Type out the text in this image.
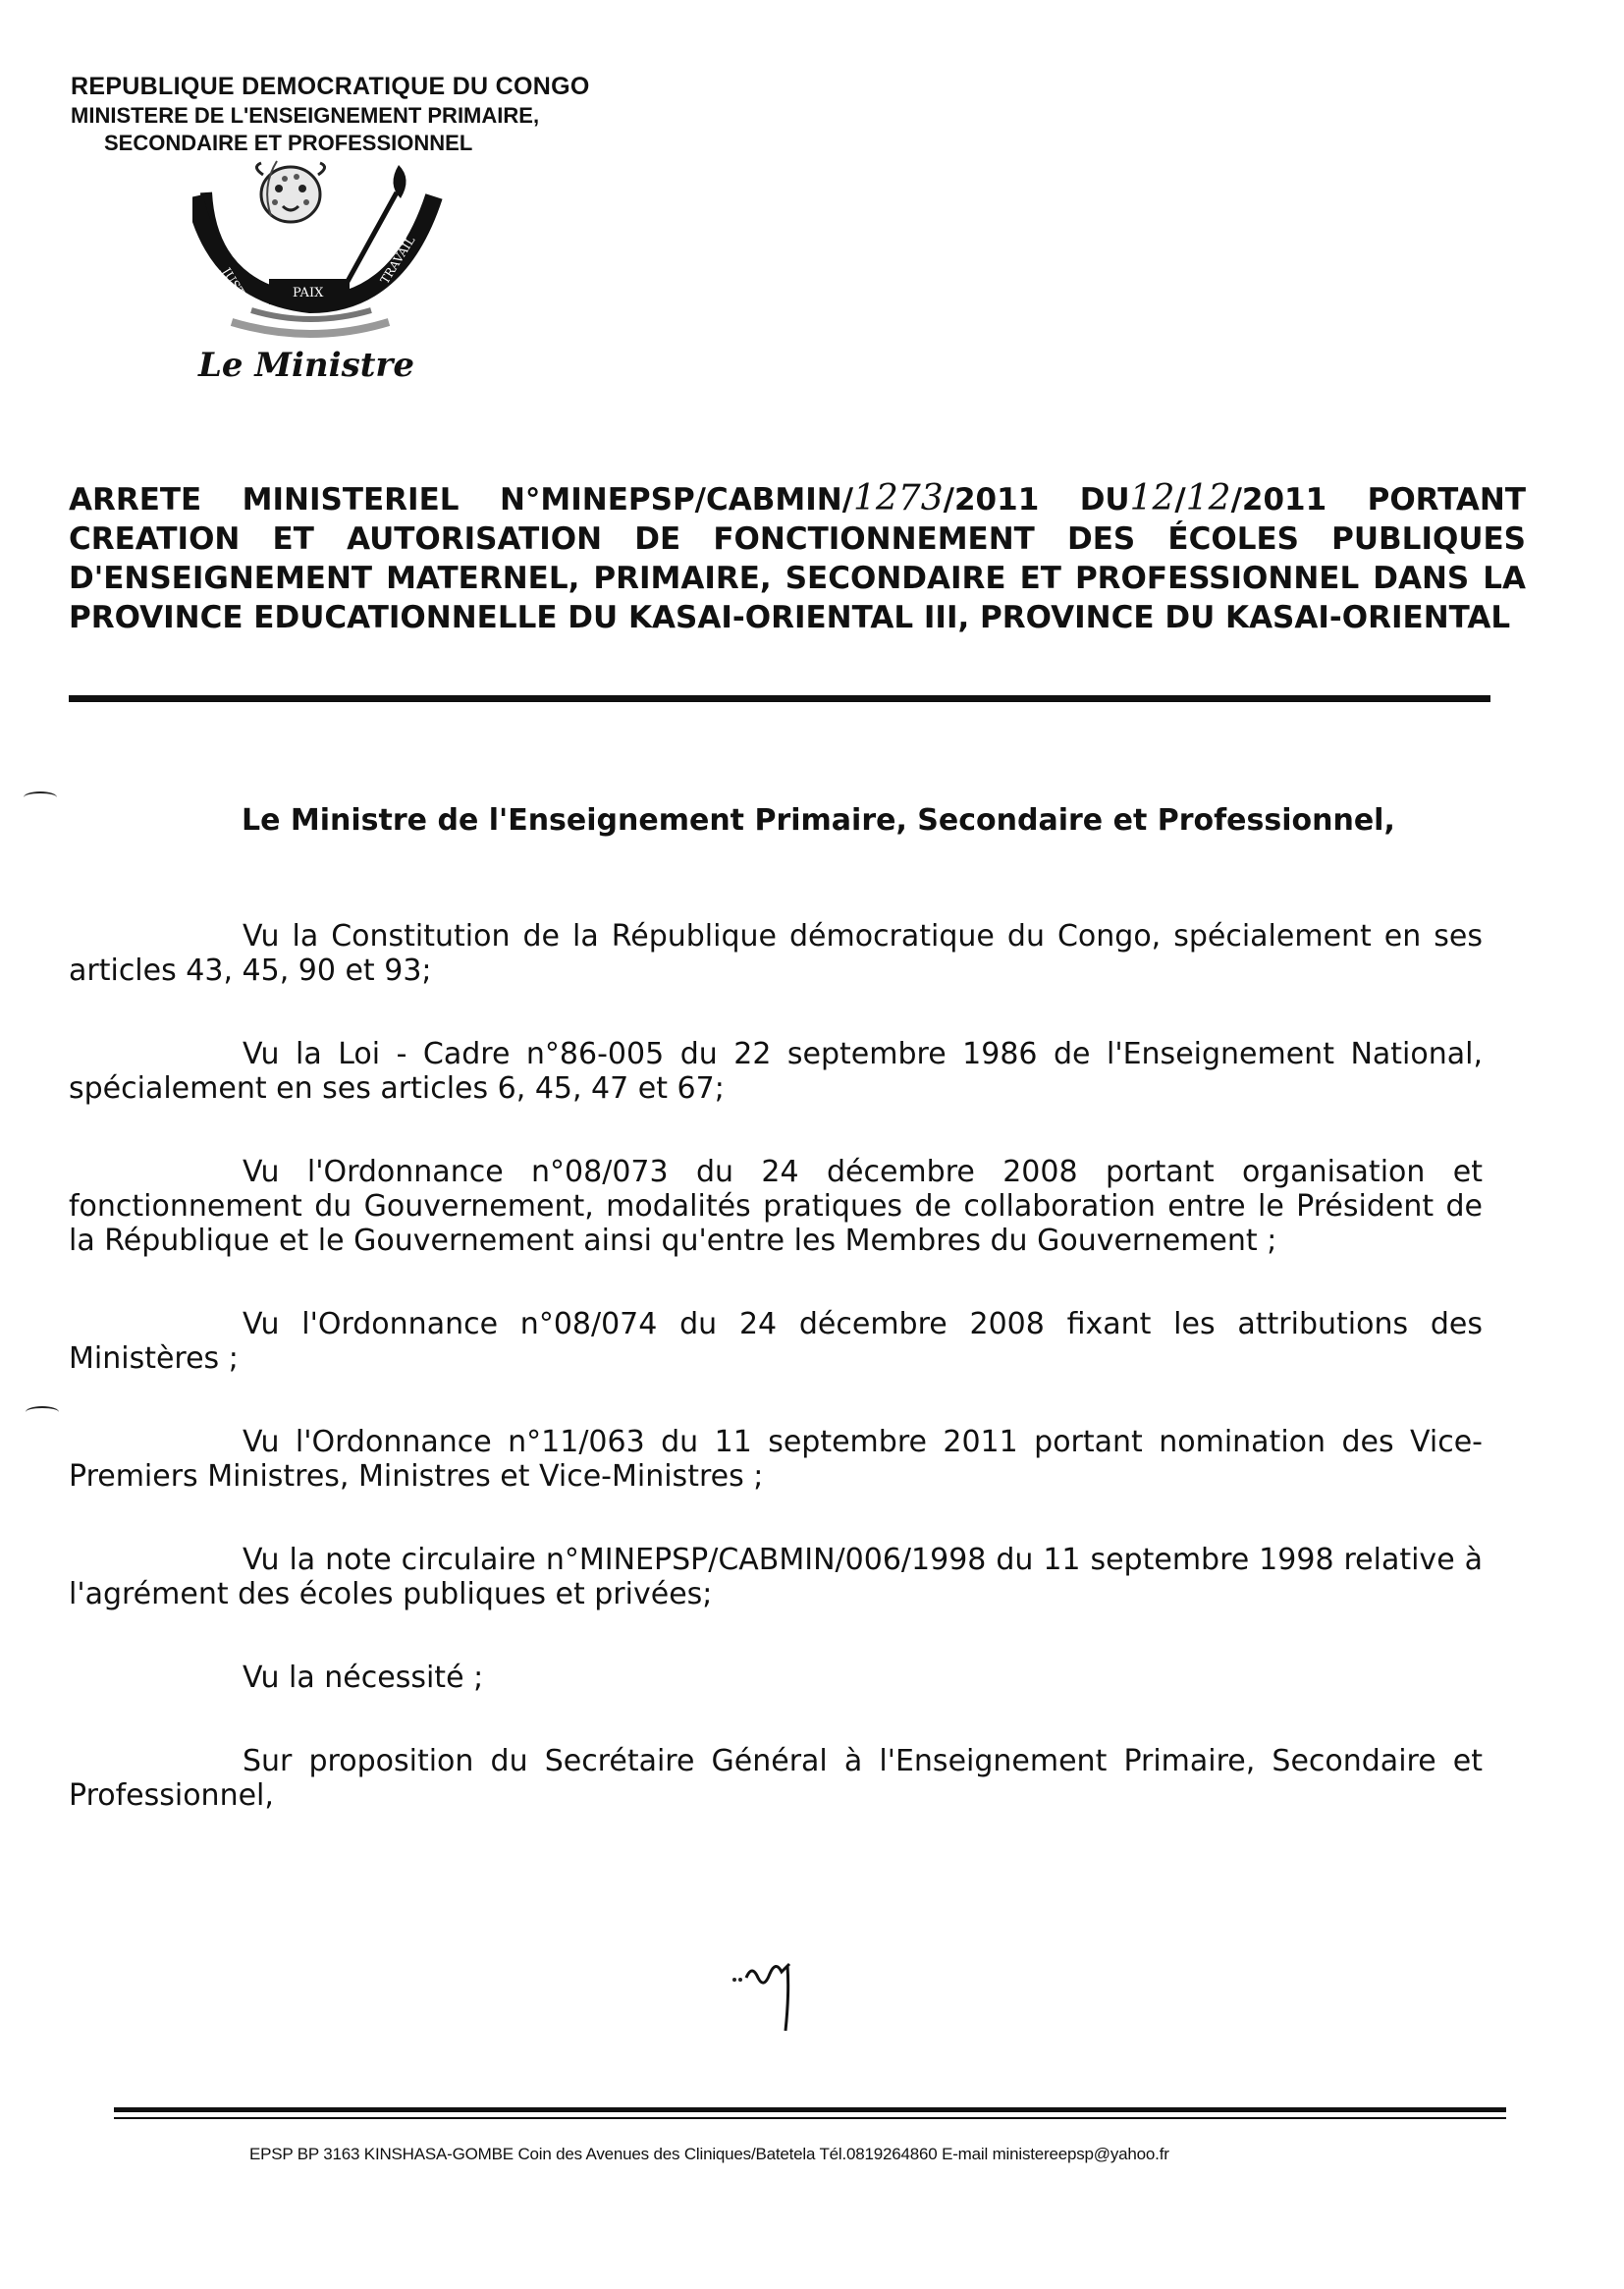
REPUBLIQUE DEMOCRATIQUE DU CONGO
MINISTERE DE L'ENSEIGNEMENT PRIMAIRE,
SECONDAIRE ET PROFESSIONNEL
JUSTICE
TRAVAIL
PAIX
Le Ministre
ARRETE MINISTERIEL N°MINEPSP/CABMIN/1273/2011 DU12/12/2011 PORTANT CREATION ET AUTORISATION DE FONCTIONNEMENT DES ÉCOLES PUBLIQUES D'ENSEIGNEMENT MATERNEL, PRIMAIRE, SECONDAIRE ET PROFESSIONNEL DANS LA PROVINCE EDUCATIONNELLE DU KASAI-ORIENTAL III, PROVINCE DU KASAI-ORIENTAL
Le Ministre de l'Enseignement Primaire, Secondaire et Professionnel,

Vu la Constitution de la République démocratique du Congo, spécialement en ses articles 43, 45, 90 et 93;

Vu la Loi - Cadre n°86-005 du 22 septembre 1986 de l'Enseignement National, spécialement en ses articles 6, 45, 47 et 67;

Vu l'Ordonnance n°08/073 du 24 décembre 2008 portant organisation et fonctionnement du Gouvernement, modalités pratiques de collaboration entre le Président de la République et le Gouvernement ainsi qu'entre les Membres du Gouvernement ;

Vu l'Ordonnance n°08/074 du 24 décembre 2008 fixant les attributions des Ministères ;

Vu l'Ordonnance n°11/063 du 11 septembre 2011 portant nomination des Vice-Premiers Ministres, Ministres et Vice-Ministres ;

Vu la note circulaire n°MINEPSP/CABMIN/006/1998 du 11 septembre 1998 relative à l'agrément des écoles publiques et privées;

Vu la nécessité ;

Sur proposition du Secrétaire Général à l'Enseignement Primaire, Secondaire et Professionnel,

EPSP BP 3163 KINSHASA-GOMBE Coin des Avenues des Cliniques/Batetela Tél.0819264860 E-mail ministereepsp@yahoo.fr
